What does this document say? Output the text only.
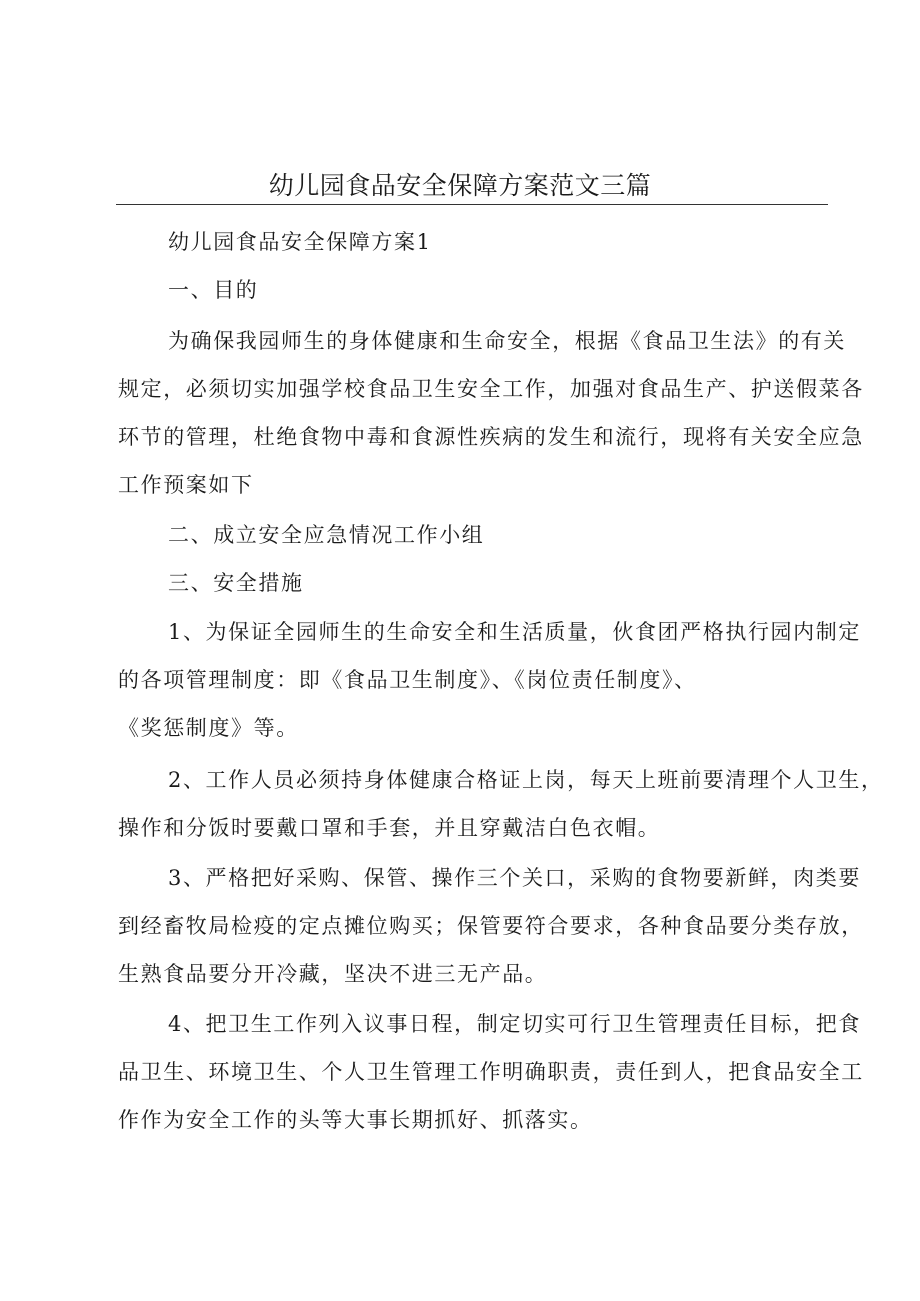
幼儿园食品安全保障方案范文三篇
幼儿园食品安全保障方案1
一、目的
为确保我园师生的身体健康和生命安全，根据《食品卫生法》的有关
规定，必须切实加强学校食品卫生安全工作，加强对食品生产、护送假菜各
环节的管理，杜绝食物中毒和食源性疾病的发生和流行，现将有关安全应急
工作预案如下
二、成立安全应急情况工作小组
三、安全措施
1、为保证全园师生的生命安全和生活质量，伙食团严格执行园内制定
的各项管理制度：即《食品卫生制度》、《岗位责任制度》、
《奖惩制度》等。
2、工作人员必须持身体健康合格证上岗，每天上班前要清理个人卫生，
操作和分饭时要戴口罩和手套，并且穿戴洁白色衣帽。
3、严格把好采购、保管、操作三个关口，采购的食物要新鲜，肉类要
到经畜牧局检疫的定点摊位购买；保管要符合要求，各种食品要分类存放，
生熟食品要分开冷藏，坚决不进三无产品。
4、把卫生工作列入议事日程，制定切实可行卫生管理责任目标，把食
品卫生、环境卫生、个人卫生管理工作明确职责，责任到人，把食品安全工
作作为安全工作的头等大事长期抓好、抓落实。
